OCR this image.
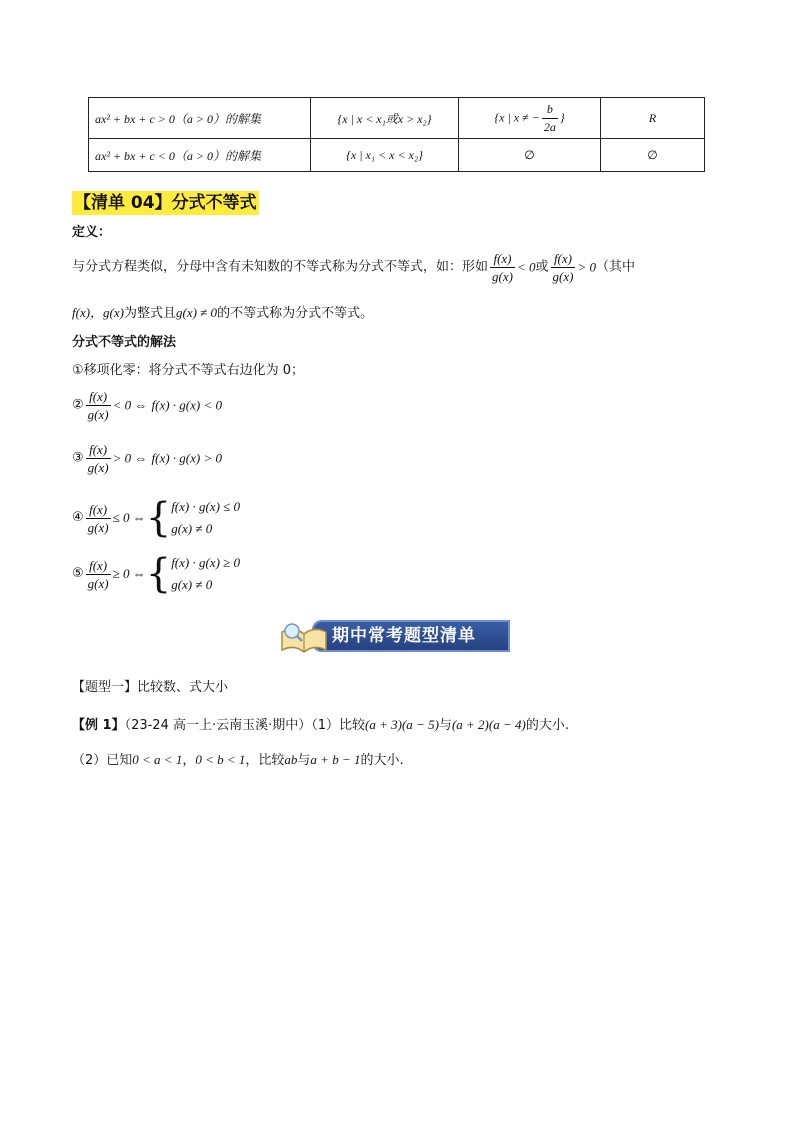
ax² + bx + c > 0（a > 0）的解集	{x | x < x₁或x > x₂}	{x | x ≠ − $\frac{b}{2a}$ }	R
ax² + bx + c < 0（a > 0）的解集	{x | x₁ < x < x₂}	∅	∅
【清单 04】分式不等式
定义：
与分式方程类似，分母中含有未知数的不等式称为分式不等式，如：形如 $\frac{f(x)}{g(x)} < 0$或 $\frac{f(x)}{g(x)} > 0$（其中
f(x)，g(x)为整式且g(x) ≠ 0的不等式称为分式不等式。
分式不等式的解法
①移项化零：将分式不等式右边化为 0；
② $\frac{f(x)}{g(x)} < 0$ ⇔ f(x) · g(x) < 0
③ $\frac{f(x)}{g(x)} > 0$ ⇔ f(x) · g(x) > 0
④ $\frac{f(x)}{g(x)} \le 0$ ⇔{ f(x) · g(x) ≤ 0
g(x) ≠ 0
⑤ $\frac{f(x)}{g(x)} \ge 0$ ⇔{ f(x) · g(x) ≥ 0
g(x) ≠ 0
期中常考题型清单
【题型一】比较数、式大小
【例 1】（23-24 高一上·云南玉溪·期中）（1）比较(a + 3)(a − 5)与(a + 2)(a − 4)的大小.
（2）已知0 < a < 1，0 < b < 1，比较ab与a + b − 1的大小.
